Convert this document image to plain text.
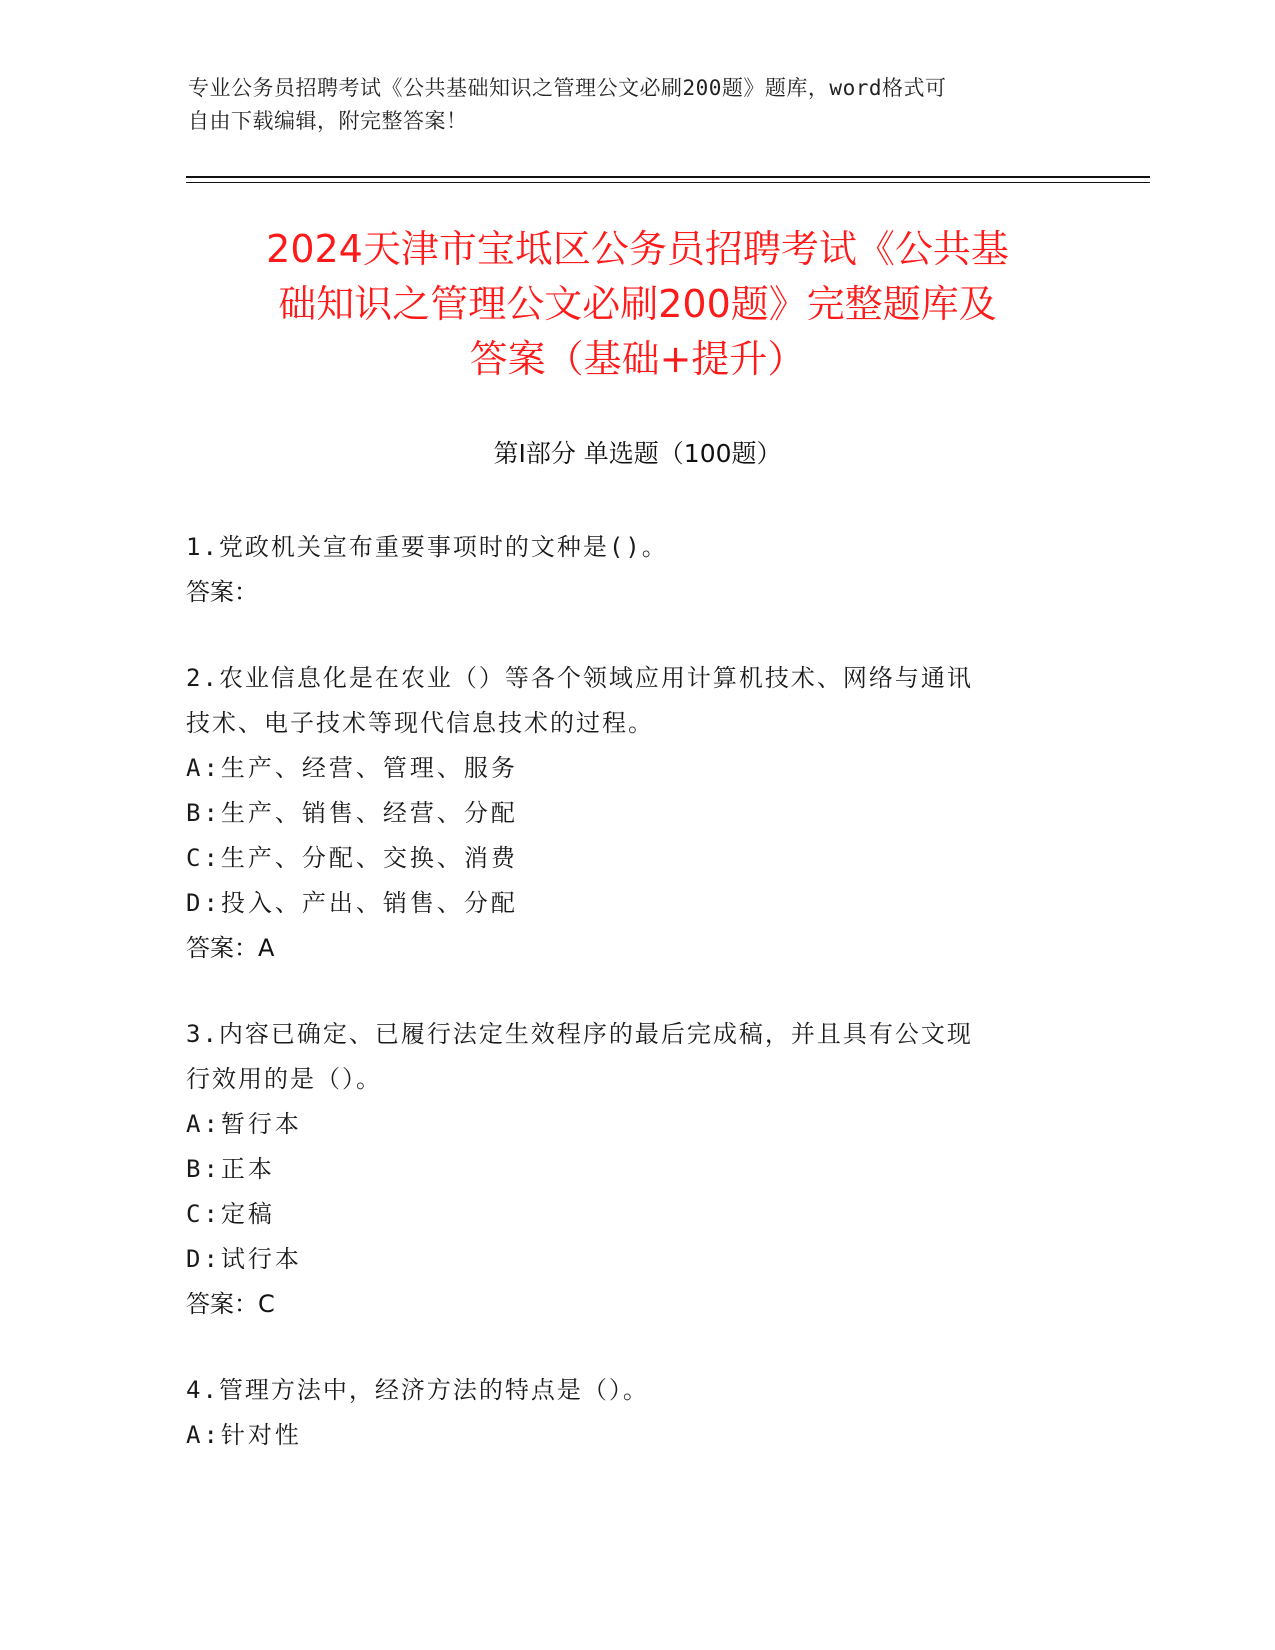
专业公务员招聘考试《公共基础知识之管理公文必刷200题》题库，word格式可
自由下载编辑，附完整答案！
2024天津市宝坻区公务员招聘考试《公共基
础知识之管理公文必刷200题》完整题库及
答案（基础+提升）
第I部分 单选题（100题）

1.党政机关宣布重要事项时的文种是()。

答案：

2.农业信息化是在农业（）等各个领域应用计算机技术、网络与通讯

技术、电子技术等现代信息技术的过程。

A:生产、经营、管理、服务

B:生产、销售、经营、分配

C:生产、分配、交换、消费

D:投入、产出、销售、分配

答案：A

3.内容已确定、已履行法定生效程序的最后完成稿，并且具有公文现

行效用的是（）。

A:暂行本

B:正本

C:定稿

D:试行本

答案：C

4.管理方法中，经济方法的特点是（）。

A:针对性
